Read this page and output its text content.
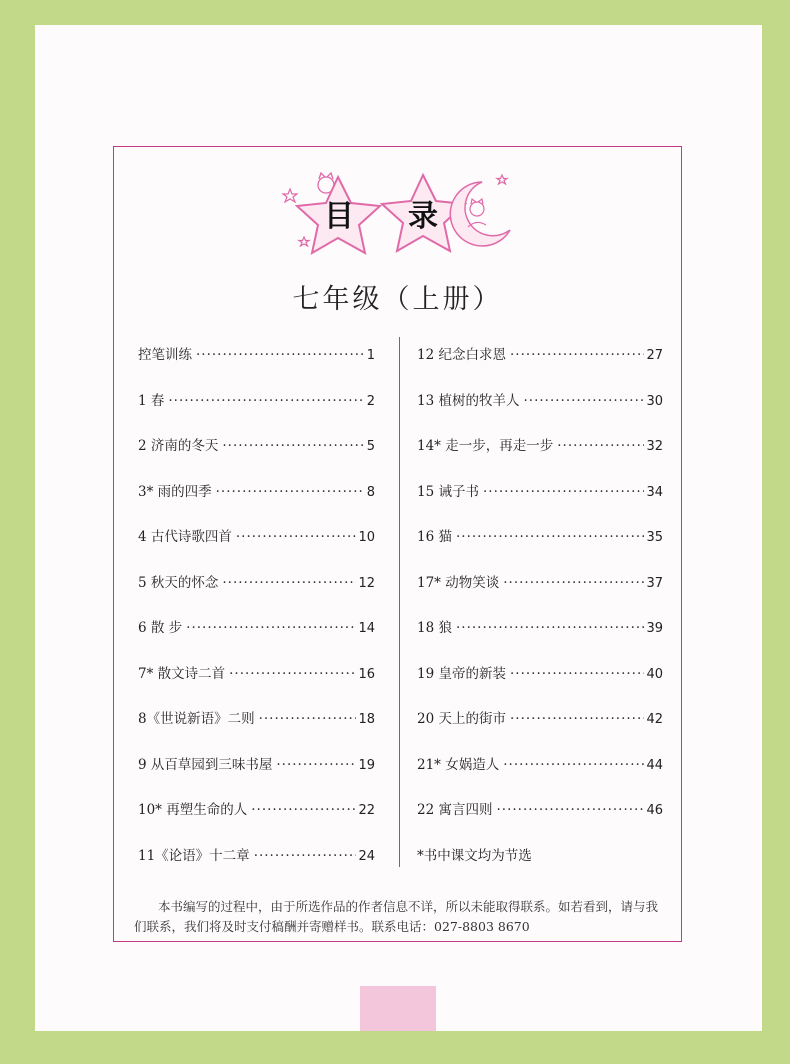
目 录
七年级（上册）
控笔训练 ·····	1
1 春 ·····	2
2 济南的冬天 ·····	5
3* 雨的四季 ·····	8
4 古代诗歌四首 ·····	10
5 秋天的怀念 ·····	12
6 散 步 ·····	14
7* 散文诗二首 ·····	16
8《世说新语》二则 ·····	18
9 从百草园到三味书屋 ·····	19
10* 再塑生命的人 ·····	22
11《论语》十二章 ·····	24
12 纪念白求恩 ·····	27
13 植树的牧羊人 ·····	30
14* 走一步，再走一步 ·····	32
15 诫子书 ·····	34
16 猫 ·····	35
17* 动物笑谈 ·····	37
18 狼 ·····	39
19 皇帝的新装 ·····	40
20 天上的街市 ·····	42
21* 女娲造人 ·····	44
22 寓言四则 ·····	46
*书中课文均为节选

本书编写的过程中，由于所选作品的作者信息不详，所以未能取得联系。如若看到，请与我们联系，我们将及时支付稿酬并寄赠样书。联系电话：027-8803 8670
